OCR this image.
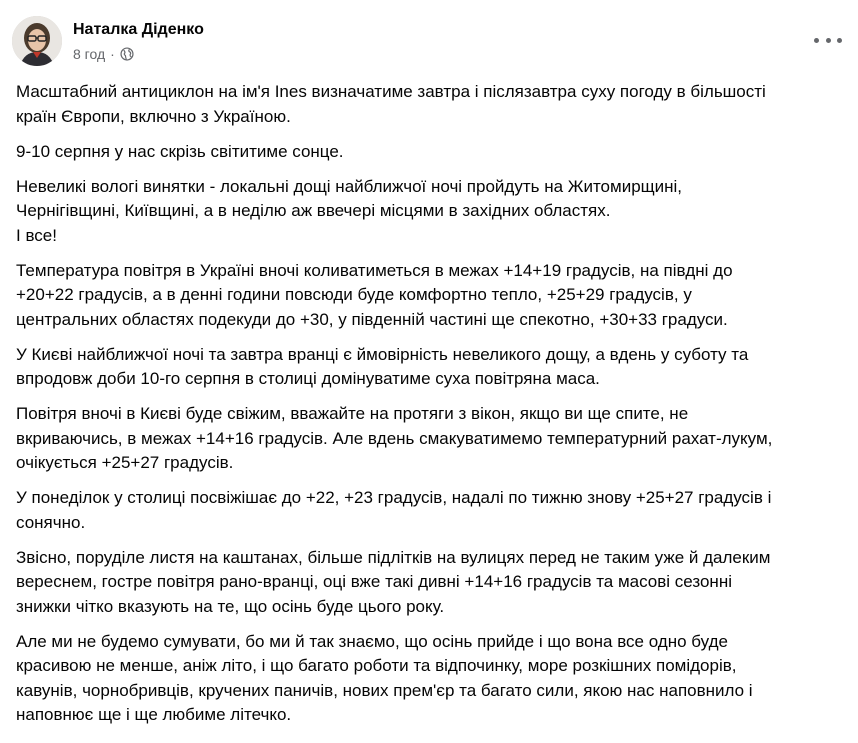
Наталка Діденко
8 год ·

Масштабний антициклон на ім'я Ines визначатиме завтра і післязавтра суху погоду в більшості
країн Європи, включно з Україною.

9-10 серпня у нас скрізь світитиме сонце.

Невеликі вологі винятки - локальні дощі найближчої ночі пройдуть на Житомирщині,
Чернігівщині, Київщині, а в неділю аж ввечері місцями в західних областях.
І все!

Температура повітря в Україні вночі коливатиметься в межах +14+19 градусів, на півдні до
+20+22 градусів, а в денні години повсюди буде комфортно тепло, +25+29 градусів, у
центральних областях подекуди до +30, у південній частині ще спекотно, +30+33 градуси.

У Києві найближчої ночі та завтра вранці є ймовірність невеликого дощу, а вдень у суботу та
впродовж доби 10-го серпня в столиці домінуватиме суха повітряна маса.

Повітря вночі в Києві буде свіжим, вважайте на протяги з вікон, якщо ви ще спите, не
вкриваючись, в межах +14+16 градусів. Але вдень смакуватимемо температурний рахат-лукум,
очікується +25+27 градусів.

У понеділок у столиці посвіжішає до +22, +23 градусів, надалі по тижню знову +25+27 градусів і
сонячно.

Звісно, поруділе листя на каштанах, більше підлітків на вулицях перед не таким уже й далеким
вереснем, гостре повітря рано-вранці, оці вже такі дивні +14+16 градусів та масові сезонні
знижки чітко вказують на те, що осінь буде цього року.

Але ми не будемо сумувати, бо ми й так знаємо, що осінь прийде і що вона все одно буде
красивою не менше, аніж літо, і що багато роботи та відпочинку, море розкішних помідорів,
кавунів, чорнобривців, кручених паничів, нових прем'єр та багато сили, якою нас наповнило і
наповнює ще і ще любиме літечко.
